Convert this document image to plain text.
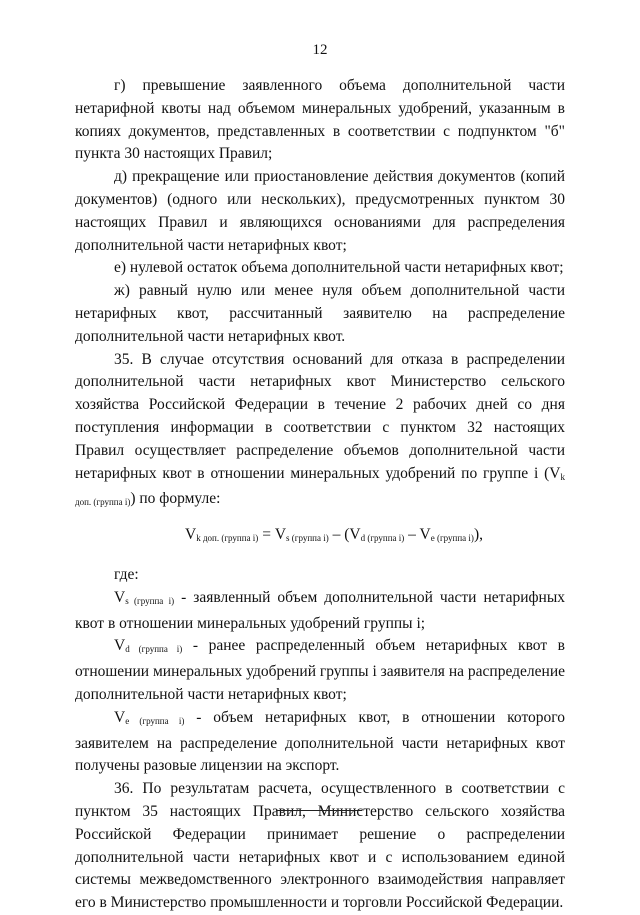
12

г) превышение заявленного объема дополнительной части нетарифной квоты над объемом минеральных удобрений, указанным в копиях документов, представленных в соответствии с подпунктом "б" пункта 30 настоящих Правил;

д) прекращение или приостановление действия документов (копий документов) (одного или нескольких), предусмотренных пунктом 30 настоящих Правил и являющихся основаниями для распределения дополнительной части нетарифных квот;

е) нулевой остаток объема дополнительной части нетарифных квот;

ж) равный нулю или менее нуля объем дополнительной части нетарифных квот, рассчитанный заявителю на распределение дополнительной части нетарифных квот.

35. В случае отсутствия оснований для отказа в распределении дополнительной части нетарифных квот Министерство сельского хозяйства Российской Федерации в течение 2 рабочих дней со дня поступления информации в соответствии с пунктом 32 настоящих Правил осуществляет распределение объемов дополнительной части нетарифных квот в отношении минеральных удобрений по группе i $(V_{k доп. (группа i)})$ по формуле:

$V_{k доп. (группа i)} = V_{s (группа i)} - (V_{d (группа i)} - V_{e (группа i)})$,

где:

$V_{s (группа i)}$ - заявленный объем дополнительной части нетарифных квот в отношении минеральных удобрений группы i;

$V_{d (группа i)}$ - ранее распределенный объем нетарифных квот в отношении минеральных удобрений группы i заявителя на распределение дополнительной части нетарифных квот;

$V_{e (группа i)}$ - объем нетарифных квот, в отношении которого заявителем на распределение дополнительной части нетарифных квот получены разовые лицензии на экспорт.

36. По результатам расчета, осуществленного в соответствии с пунктом 35 настоящих Правил, Министерство сельского хозяйства Российской Федерации принимает решение о распределении дополнительной части нетарифных квот и с использованием единой системы межведомственного электронного взаимодействия направляет его в Министерство промышленности и торговли Российской Федерации.
